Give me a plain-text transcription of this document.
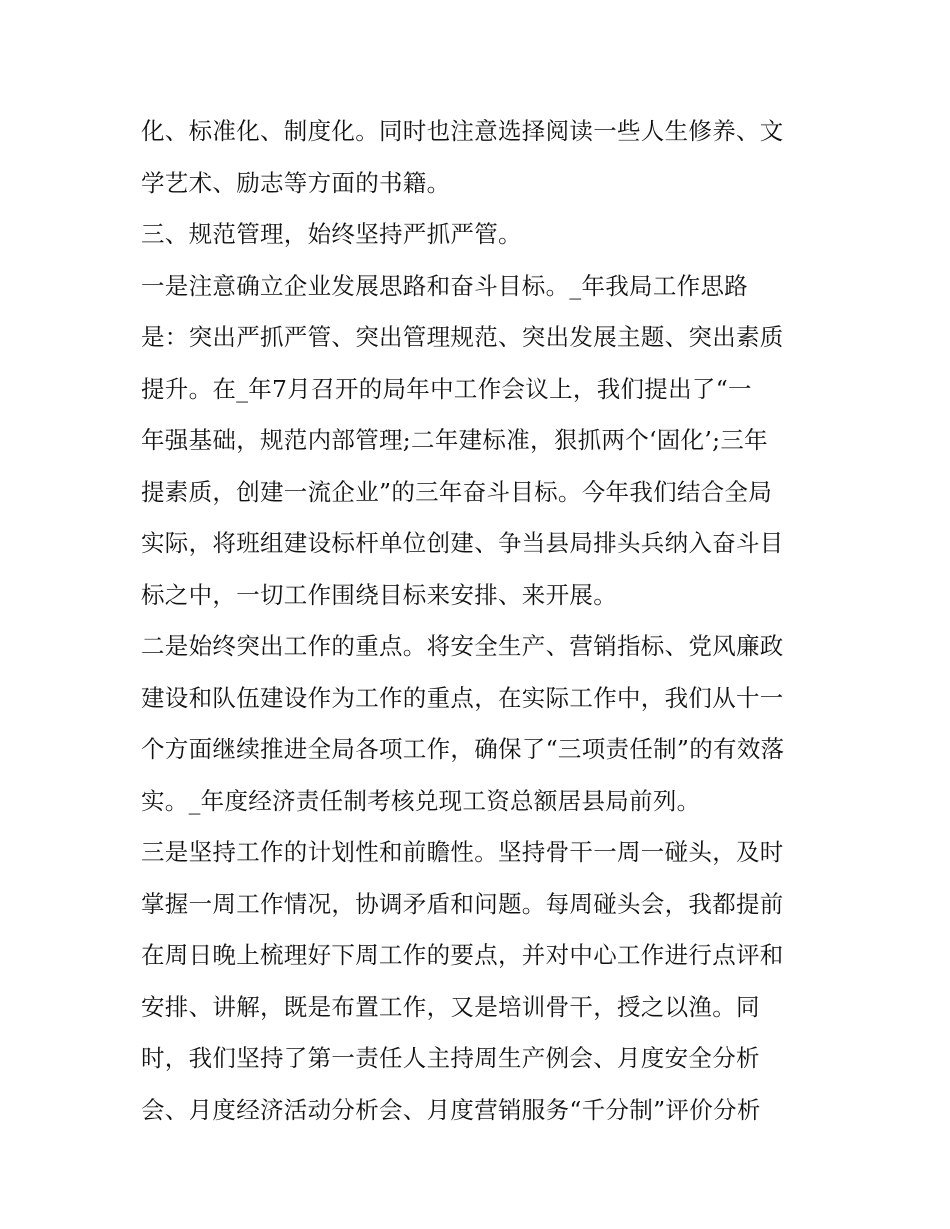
化、标准化、制度化。同时也注意选择阅读一些人生修养、文
学艺术、励志等方面的书籍。
三、规范管理，始终坚持严抓严管。
一是注意确立企业发展思路和奋斗目标。_年我局工作思路
是：突出严抓严管、突出管理规范、突出发展主题、突出素质
提升。在_年7月召开的局年中工作会议上，我们提出了“一
年强基础，规范内部管理;二年建标准，狠抓两个‘固化’;三年
提素质，创建一流企业”的三年奋斗目标。今年我们结合全局
实际，将班组建设标杆单位创建、争当县局排头兵纳入奋斗目
标之中，一切工作围绕目标来安排、来开展。
二是始终突出工作的重点。将安全生产、营销指标、党风廉政
建设和队伍建设作为工作的重点，在实际工作中，我们从十一
个方面继续推进全局各项工作，确保了“三项责任制”的有效落
实。_年度经济责任制考核兑现工资总额居县局前列。
三是坚持工作的计划性和前瞻性。坚持骨干一周一碰头，及时
掌握一周工作情况，协调矛盾和问题。每周碰头会，我都提前
在周日晚上梳理好下周工作的要点，并对中心工作进行点评和
安排、讲解，既是布置工作，又是培训骨干，授之以渔。同
时，我们坚持了第一责任人主持周生产例会、月度安全分析
会、月度经济活动分析会、月度营销服务“千分制”评价分析
